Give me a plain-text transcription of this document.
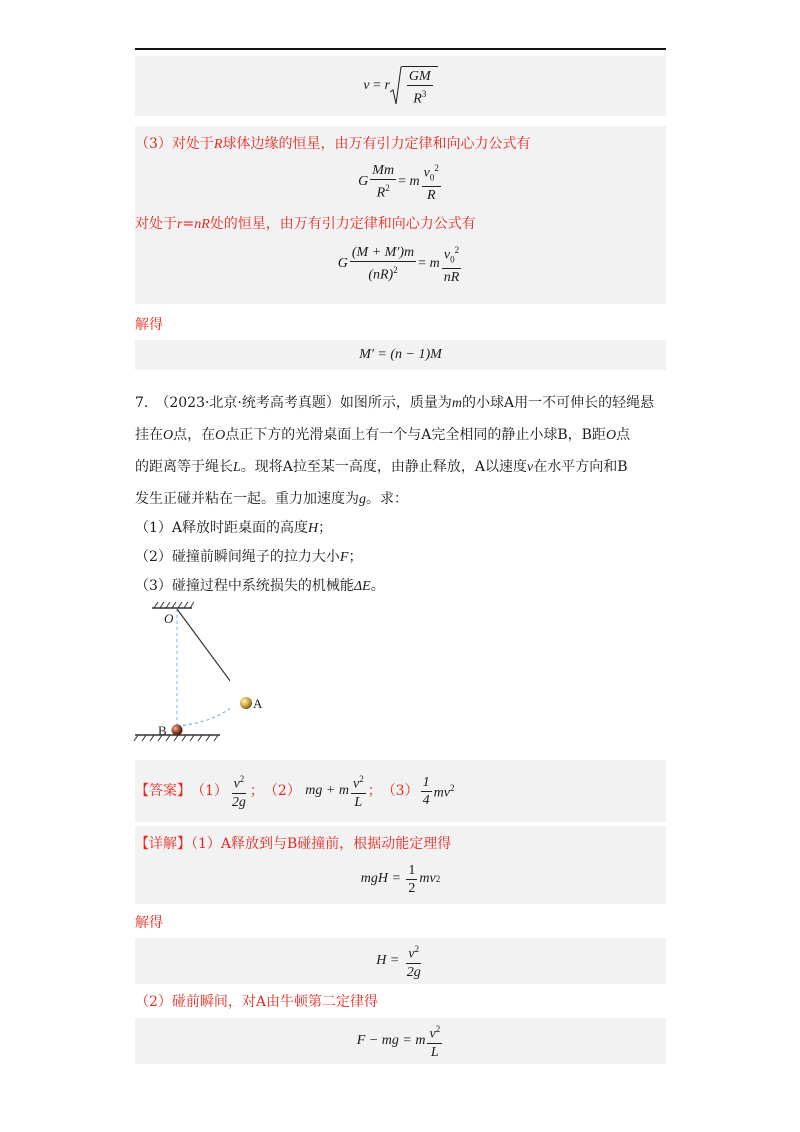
v
=
r $\frac{GM}{R^3}$
（3）对处于R球体边缘的恒星，由万有引力定律和向心力公式有
G $\frac{Mm}{R^2}$ =
m $\frac{v_0^2}{R}$
对处于r=nR处的恒星，由万有引力定律和向心力公式有
G $\frac{(M + M')m}{(nR)^2}$ =
m $\frac{v_0^2}{nR}$
解得
M′ = (n − 1)M
7.　（2023·北京·统考高考真题）如图所示，质量为m的小球A用一不可伸长的轻绳悬
挂在O点，在O点正下方的光滑桌面上有一个与A完全相同的静止小球B，B距O点
的距离等于绳长L。现将A拉至某一高度，由静止释放，A以速度v在水平方向和B
发生正碰并粘在一起。重力加速度为g。求：
（1）A释放时距桌面的高度H；
（2）碰撞前瞬间绳子的拉力大小F；
（3）碰撞过程中系统损失的机械能ΔE。
O
B
A
【答案】 $(1) \frac{v^2}{2g}$ ； （2）
mg + m $\frac{v^2}{L}$ ； $(3) \frac{1}{4} mv^2$
【详解】（1）A释放到与B碰撞前，根据动能定理得
mgH =
$\frac{1}{2}$ mv 2
解得
H =
$\frac{v^2}{2g}$
（2）碰前瞬间，对A由牛顿第二定律得
F − mg = m $\frac{v^2}{L}$
